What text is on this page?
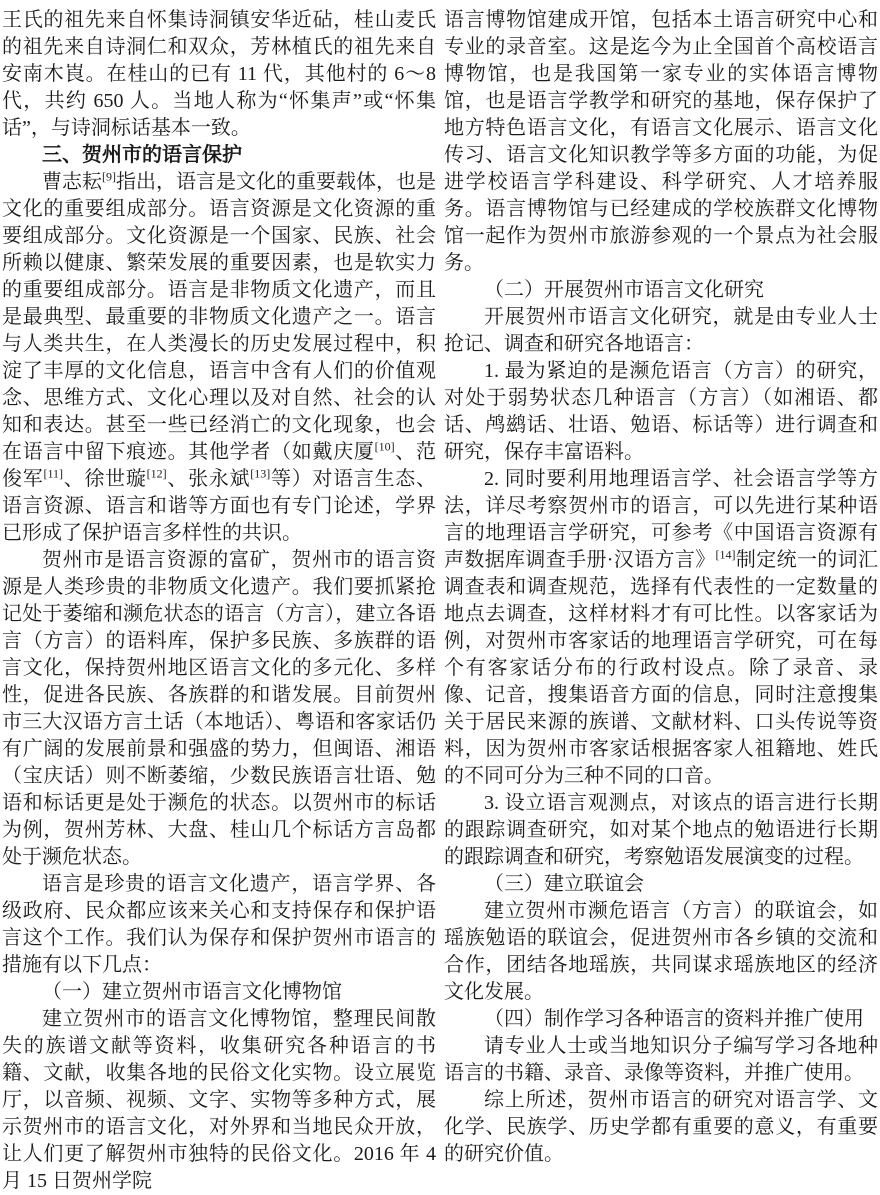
王氏的祖先来自怀集诗洞镇安华近砧，桂山麦氏的祖先来自诗洞仁和双众，芳林植氏的祖先来自安南木崀。在桂山的已有 11 代，其他村的 6～8 代，共约 650 人。当地人称为“怀集声”或“怀集话”，与诗洞标话基本一致。

三、贺州市的语言保护

曹志耘[9]指出，语言是文化的重要载体，也是文化的重要组成部分。语言资源是文化资源的重要组成部分。文化资源是一个国家、民族、社会所赖以健康、繁荣发展的重要因素，也是软实力的重要组成部分。语言是非物质文化遗产，而且是最典型、最重要的非物质文化遗产之一。语言与人类共生，在人类漫长的历史发展过程中，积淀了丰厚的文化信息，语言中含有人们的价值观念、思维方式、文化心理以及对自然、社会的认知和表达。甚至一些已经消亡的文化现象，也会在语言中留下痕迹。其他学者（如戴庆厦[10]、范俊军[11]、徐世璇[12]、张永斌[13]等）对语言生态、语言资源、语言和谐等方面也有专门论述，学界已形成了保护语言多样性的共识。

贺州市是语言资源的富矿，贺州市的语言资源是人类珍贵的非物质文化遗产。我们要抓紧抢记处于萎缩和濒危状态的语言（方言），建立各语言（方言）的语料库，保护多民族、多族群的语言文化，保持贺州地区语言文化的多元化、多样性，促进各民族、各族群的和谐发展。目前贺州市三大汉语方言土话（本地话）、粤语和客家话仍有广阔的发展前景和强盛的势力，但闽语、湘语（宝庆话）则不断萎缩，少数民族语言壮语、勉语和标话更是处于濒危的状态。以贺州市的标话为例，贺州芳林、大盘、桂山几个标话方言岛都处于濒危状态。

语言是珍贵的语言文化遗产，语言学界、各级政府、民众都应该来关心和支持保存和保护语言这个工作。我们认为保存和保护贺州市语言的措施有以下几点：

（一）建立贺州市语言文化博物馆

建立贺州市的语言文化博物馆，整理民间散失的族谱文献等资料，收集研究各种语言的书籍、文献，收集各地的民俗文化实物。设立展览厅，以音频、视频、文字、实物等多种方式，展示贺州市的语言文化，对外界和当地民众开放，让人们更了解贺州市独特的民俗文化。2016 年 4 月 15 日贺州学院

语言博物馆建成开馆，包括本土语言研究中心和专业的录音室。这是迄今为止全国首个高校语言博物馆，也是我国第一家专业的实体语言博物馆，也是语言学教学和研究的基地，保存保护了地方特色语言文化，有语言文化展示、语言文化传习、语言文化知识教学等多方面的功能，为促进学校语言学科建设、科学研究、人才培养服务。语言博物馆与已经建成的学校族群文化博物馆一起作为贺州市旅游参观的一个景点为社会服务。

（二）开展贺州市语言文化研究

开展贺州市语言文化研究，就是由专业人士抢记、调查和研究各地语言：

1. 最为紧迫的是濒危语言（方言）的研究，对处于弱势状态几种语言（方言）（如湘语、都话、鸬鹚话、壮语、勉语、标话等）进行调查和研究，保存丰富语料。

2. 同时要利用地理语言学、社会语言学等方法，详尽考察贺州市的语言，可以先进行某种语言的地理语言学研究，可参考《中国语言资源有声数据库调查手册·汉语方言》[14]制定统一的词汇调查表和调查规范，选择有代表性的一定数量的地点去调查，这样材料才有可比性。以客家话为例，对贺州市客家话的地理语言学研究，可在每个有客家话分布的行政村设点。除了录音、录像、记音，搜集语音方面的信息，同时注意搜集关于居民来源的族谱、文献材料、口头传说等资料，因为贺州市客家话根据客家人祖籍地、姓氏的不同可分为三种不同的口音。

3. 设立语言观测点，对该点的语言进行长期的跟踪调查研究，如对某个地点的勉语进行长期的跟踪调查和研究，考察勉语发展演变的过程。

（三）建立联谊会

建立贺州市濒危语言（方言）的联谊会，如瑶族勉语的联谊会，促进贺州市各乡镇的交流和合作，团结各地瑶族，共同谋求瑶族地区的经济文化发展。

（四）制作学习各种语言的资料并推广使用

请专业人士或当地知识分子编写学习各地种语言的书籍、录音、录像等资料，并推广使用。

综上所述，贺州市语言的研究对语言学、文化学、民族学、历史学都有重要的意义，有重要的研究价值。
